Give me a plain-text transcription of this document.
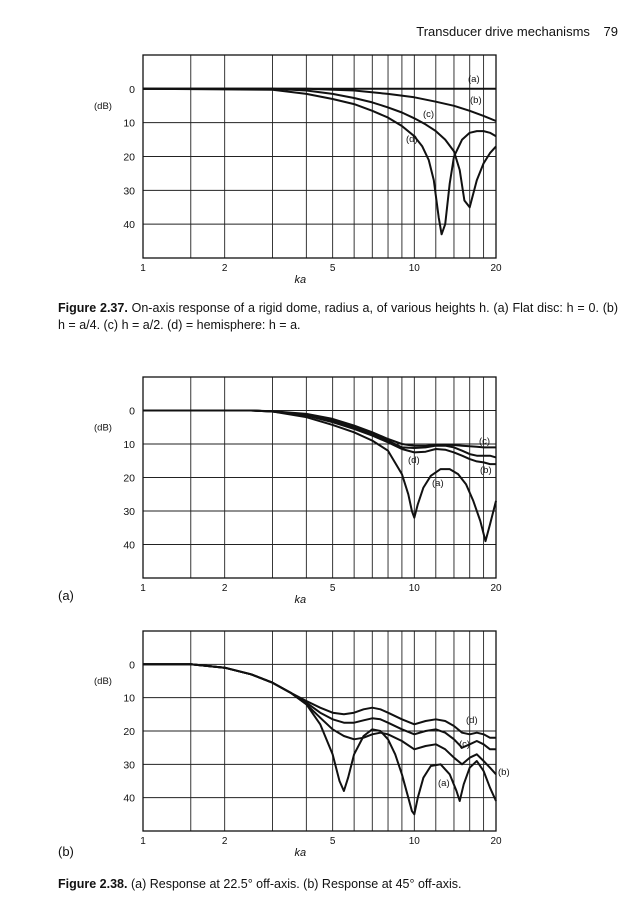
Transducer drive mechanisms 79
0
10
20
30
40
(dB)
1	2	5	10	20
ka
(a)
(b)
(c)
(d)
Figure 2.37. On-axis response of a rigid dome, radius a, of various heights h. (a) Flat disc: h = 0. (b) h = a/4. (c) h = a/2. (d) = hemisphere: h = a.
0
10
20
30
40
(dB)
1	2	5	10	20
ka
(a)
(b)
(c)
(d)
(a)
0
10
20
30
40
(dB)
1	2	5	10	20
ka
(a)
(b)
(c)
(d)
(b)
Figure 2.38. (a) Response at 22.5° off-axis. (b) Response at 45° off-axis.
